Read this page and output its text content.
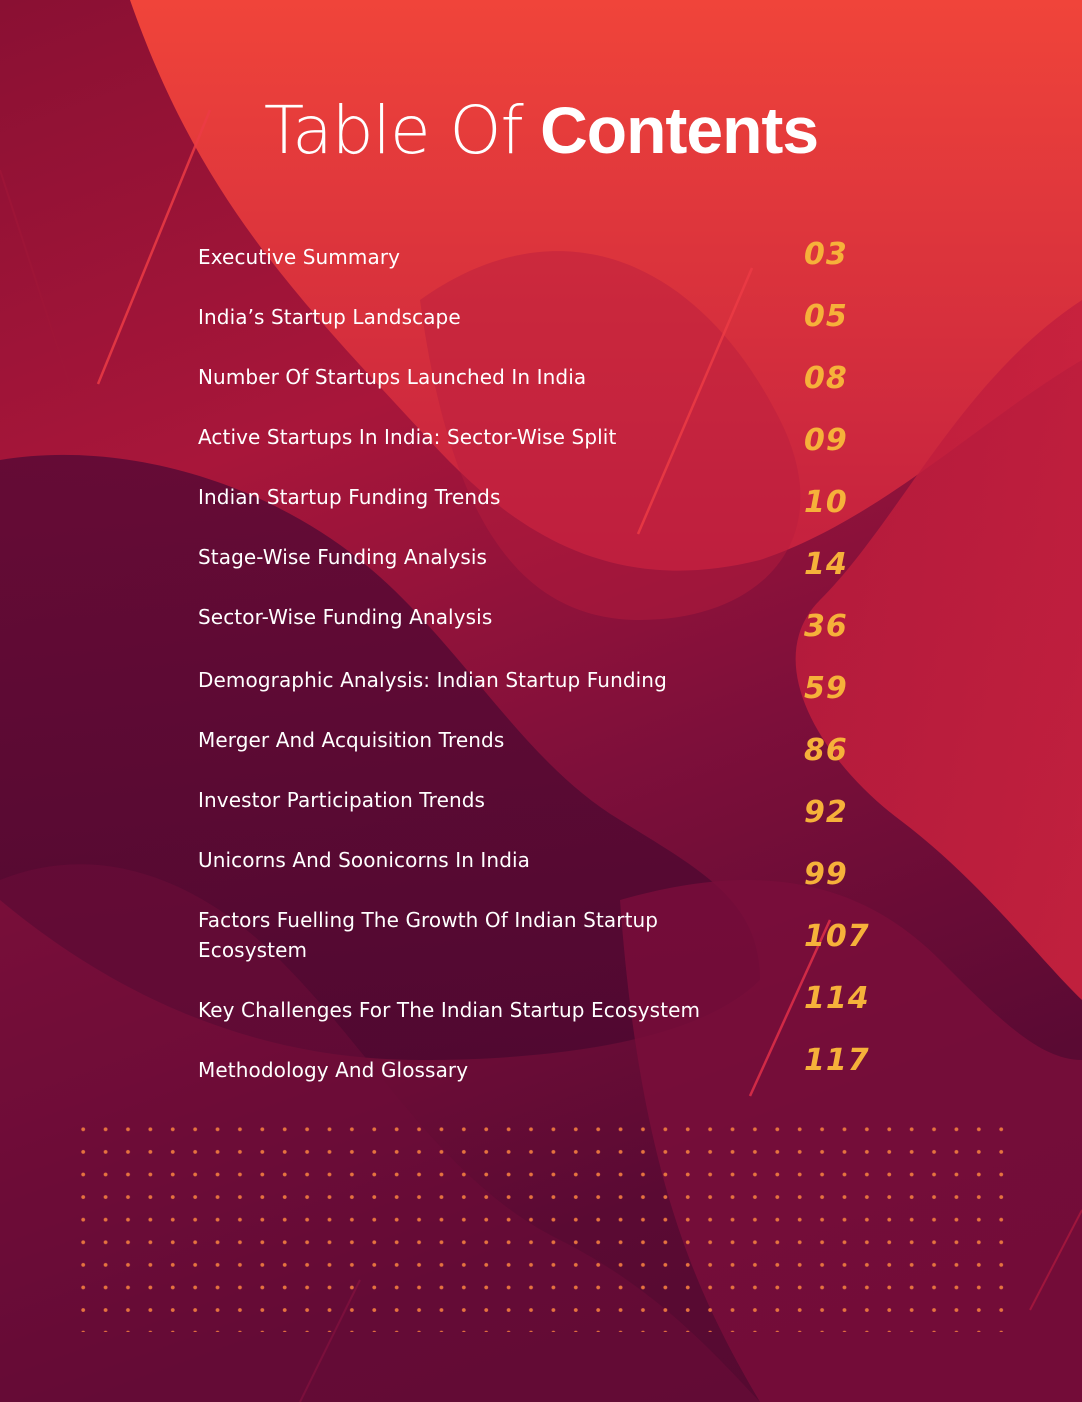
Table Of Contents
Executive Summary	03
India’s Startup Landscape	05
Number Of Startups Launched In India	08
Active Startups In India: Sector-Wise Split	09
Indian Startup Funding Trends	10
Stage-Wise Funding Analysis	14
Sector-Wise Funding Analysis	36
Demographic Analysis: Indian Startup Funding	59
Merger And Acquisition Trends	86
Investor Participation Trends	92
Unicorns And Soonicorns In India	99
Factors Fuelling The Growth Of Indian Startup Ecosystem	107
Key Challenges For The Indian Startup Ecosystem	114
Methodology And Glossary	117
